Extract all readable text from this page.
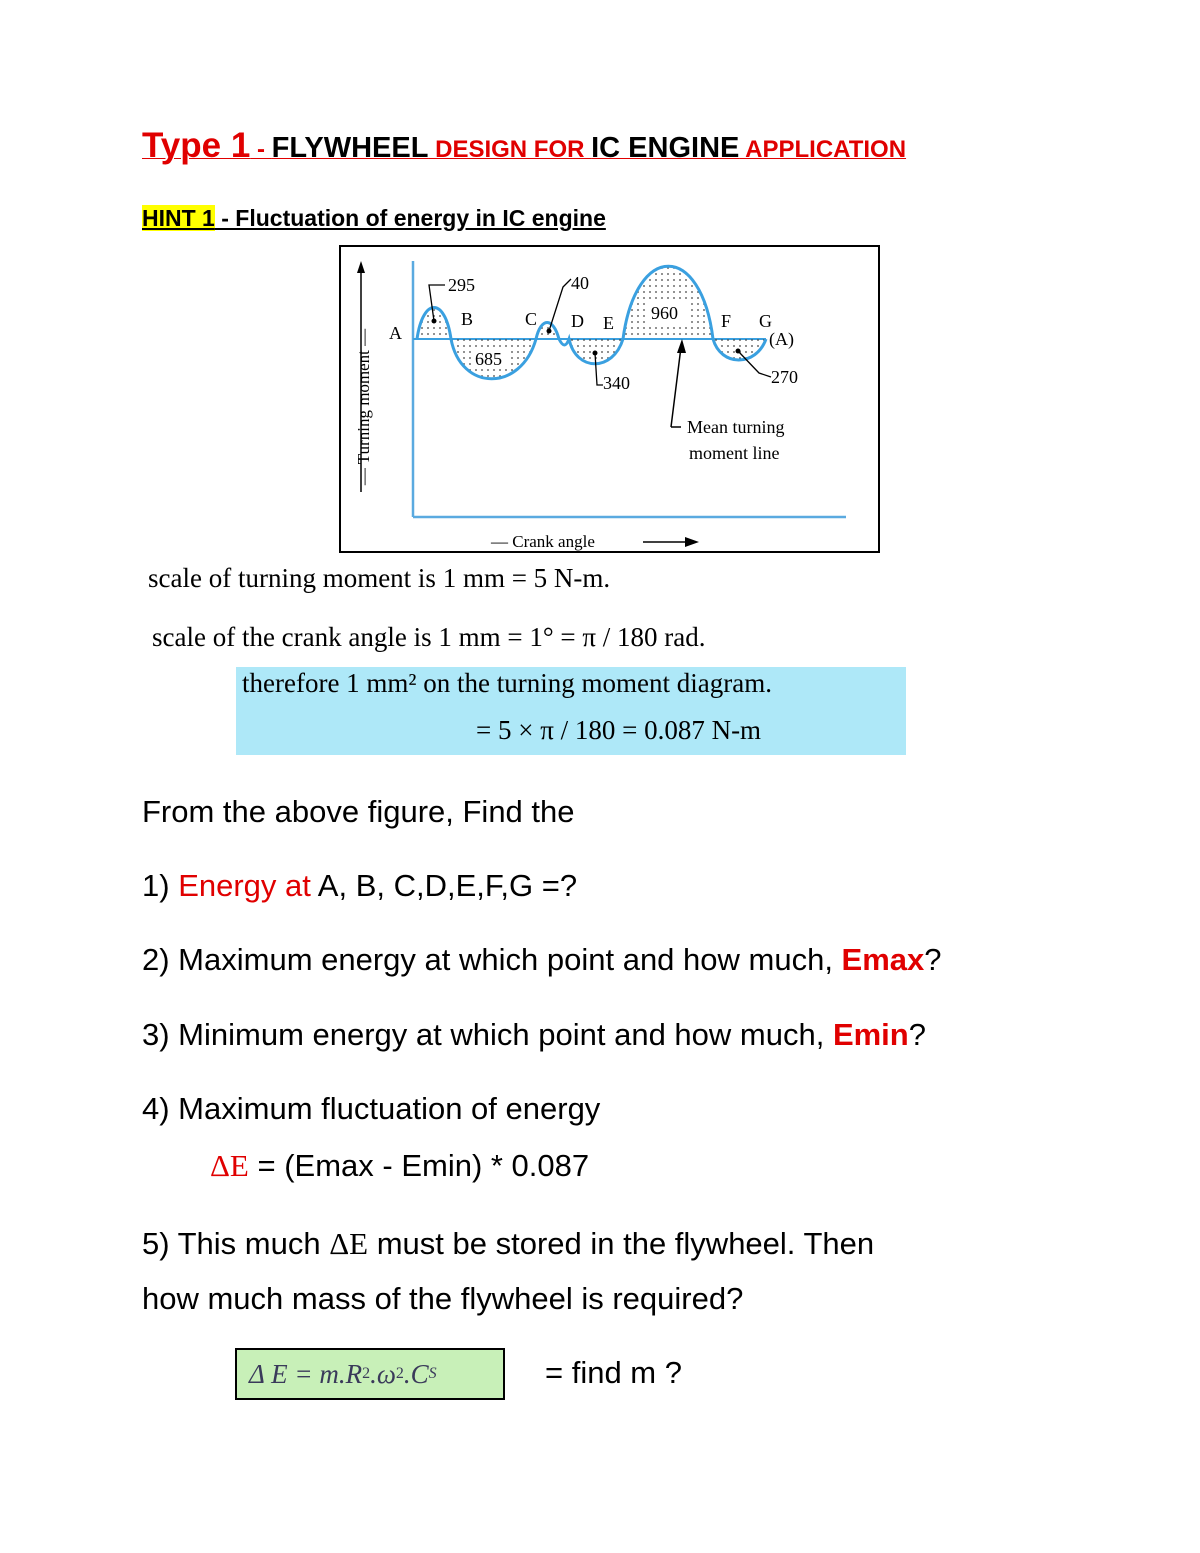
Type 1 - FLYWHEEL DESIGN FOR IC ENGINE APPLICATION
HINT 1 - Fluctuation of energy in IC engine
— Turning moment —
— Crank angle
A
B	C D E	F G
(A)
295
685
40
340
960
270
Mean turning
moment line
scale of turning moment is 1 mm = 5 N-m.
scale of the crank angle is 1 mm = 1° = π / 180 rad.
therefore 1 mm² on the turning moment diagram.
= 5 × π / 180 = 0.087 N-m
From the above figure, Find the
1) Energy at A, B, C,D,E,F,G =?
2) Maximum energy at which point and how much, Emax?
3) Minimum energy at which point and how much, Emin?
4) Maximum fluctuation of energy
ΔE = (Emax - Emin) * 0.087
5) This much ΔE must be stored in the flywheel. Then
how much mass of the flywheel is required?
Δ E = m.R 2 .ω 2 .C S	= find m ?
